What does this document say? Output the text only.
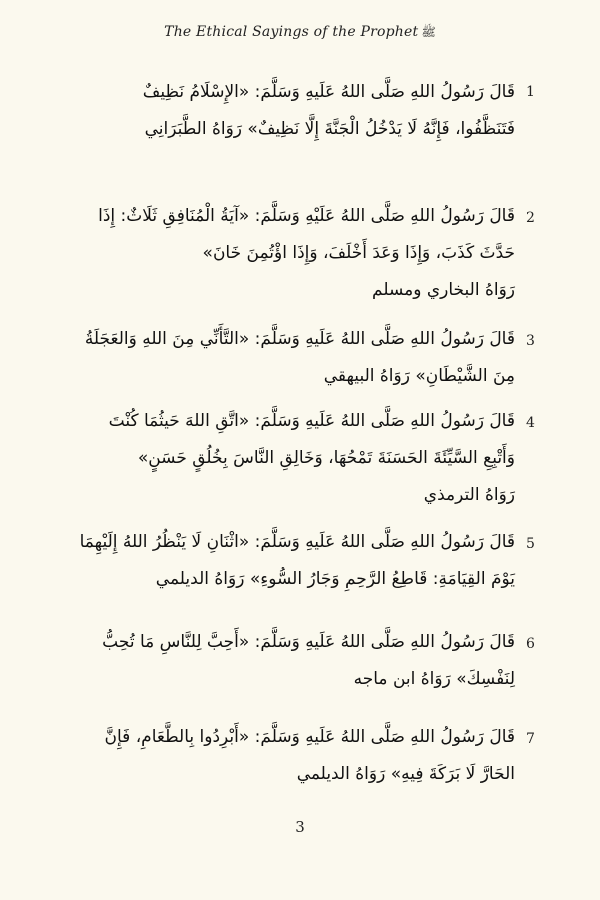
The Ethical Sayings of the Prophet ﷺ
1
قَالَ رَسُولُ اللهِ صَلَّى اللهُ عَلَيهِ وَسَلَّمَ: «الإِسْلَامُ نَظِيفٌ
فَتَنَظَّفُوا، فَإِنَّهُ لَا يَدْخُلُ الْجَنَّةَ إِلَّا نَظِيفٌ» رَوَاهُ الطَّبَرَانِي
2
قَالَ رَسُولُ اللهِ صَلَّى اللهُ عَلَيْهِ وَسَلَّمَ: «آيَةُ الْمُنَافِقِ ثَلَاثٌ: إِذَا
حَدَّثَ كَذَبَ، وَإِذَا وَعَدَ أَخْلَفَ، وَإِذَا اؤْتُمِنَ خَانَ»
رَوَاهُ البخاري ومسلم
3
قَالَ رَسُولُ اللهِ صَلَّى اللهُ عَلَيهِ وَسَلَّمَ: «التَّأَنِّي مِنَ اللهِ وَالعَجَلَةُ
مِنَ الشَّيْطَانِ» رَوَاهُ البيهقي
4
قَالَ رَسُولُ اللهِ صَلَّى اللهُ عَلَيهِ وَسَلَّمَ: «اتَّقِ اللهَ حَيثُمَا كُنْتَ
وَأَتْبِعِ السَّيِّئَةَ الحَسَنَةَ تَمْحُهَا، وَخَالِقِ النَّاسَ بِخُلُقٍ حَسَنٍ»
رَوَاهُ الترمذي
5
قَالَ رَسُولُ اللهِ صَلَّى اللهُ عَلَيهِ وَسَلَّمَ: «اثْنَانِ لَا يَنْظُرُ اللهُ إِلَيْهِمَا
يَوْمَ القِيَامَةِ: قَاطِعُ الرَّحِمِ وَجَارُ السُّوءِ» رَوَاهُ الديلمي
6
قَالَ رَسُولُ اللهِ صَلَّى اللهُ عَلَيهِ وَسَلَّمَ: «أَحِبَّ لِلنَّاسِ مَا تُحِبُّ
لِنَفْسِكَ» رَوَاهُ ابن ماجه
7
قَالَ رَسُولُ اللهِ صَلَّى اللهُ عَلَيهِ وَسَلَّمَ: «أَبْرِدُوا بِالطَّعَامِ، فَإِنَّ
الحَارَّ لَا بَرَكَةَ فِيهِ» رَوَاهُ الديلمي
3
